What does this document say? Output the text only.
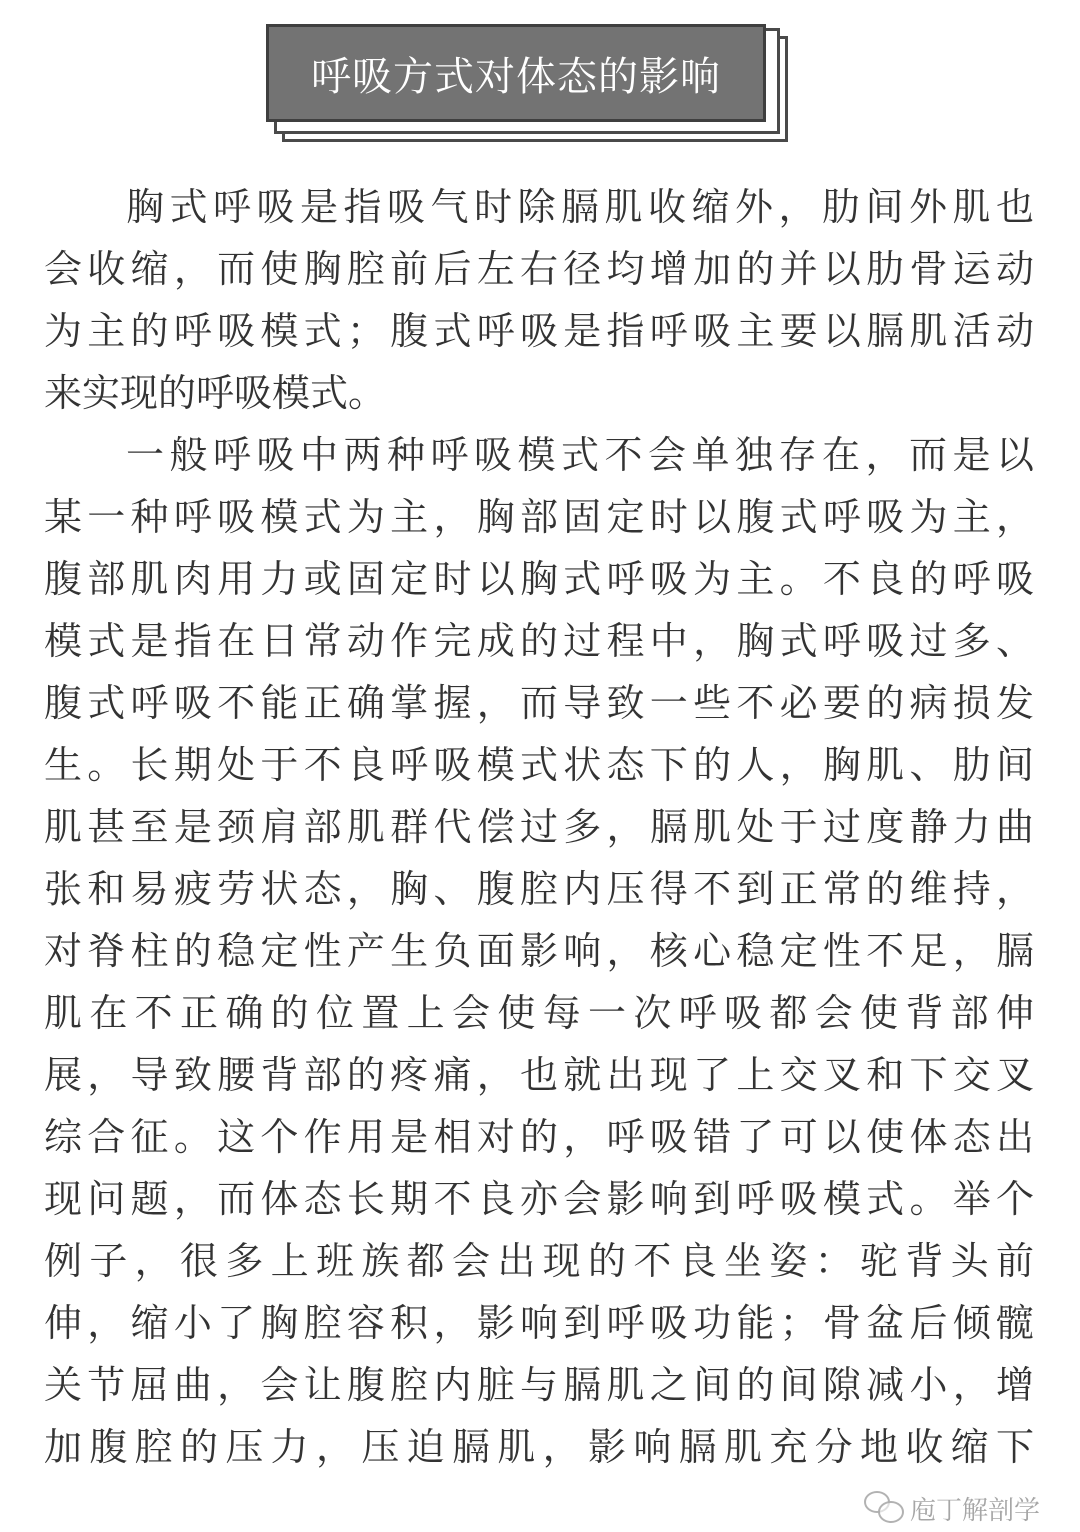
呼吸方式对体态的影响
胸式呼吸是指吸气时除膈肌收缩外，肋间外肌也
会收缩，而使胸腔前后左右径均增加的并以肋骨运动
为主的呼吸模式；腹式呼吸是指呼吸主要以膈肌活动
来实现的呼吸模式。
一般呼吸中两种呼吸模式不会单独存在，而是以
某一种呼吸模式为主，胸部固定时以腹式呼吸为主，
腹部肌肉用力或固定时以胸式呼吸为主。不良的呼吸
模式是指在日常动作完成的过程中，胸式呼吸过多、
腹式呼吸不能正确掌握，而导致一些不必要的病损发
生。长期处于不良呼吸模式状态下的人，胸肌、肋间
肌甚至是颈肩部肌群代偿过多，膈肌处于过度静力曲
张和易疲劳状态，胸、腹腔内压得不到正常的维持，
对脊柱的稳定性产生负面影响，核心稳定性不足，膈
肌在不正确的位置上会使每一次呼吸都会使背部伸
展，导致腰背部的疼痛，也就出现了上交叉和下交叉
综合征。这个作用是相对的，呼吸错了可以使体态出
现问题，而体态长期不良亦会影响到呼吸模式。举个
例子，很多上班族都会出现的不良坐姿：驼背头前
伸，缩小了胸腔容积，影响到呼吸功能；骨盆后倾髋
关节屈曲，会让腹腔内脏与膈肌之间的间隙减小，增
加腹腔的压力，压迫膈肌，影响膈肌充分地收缩下
庖丁解剖学
